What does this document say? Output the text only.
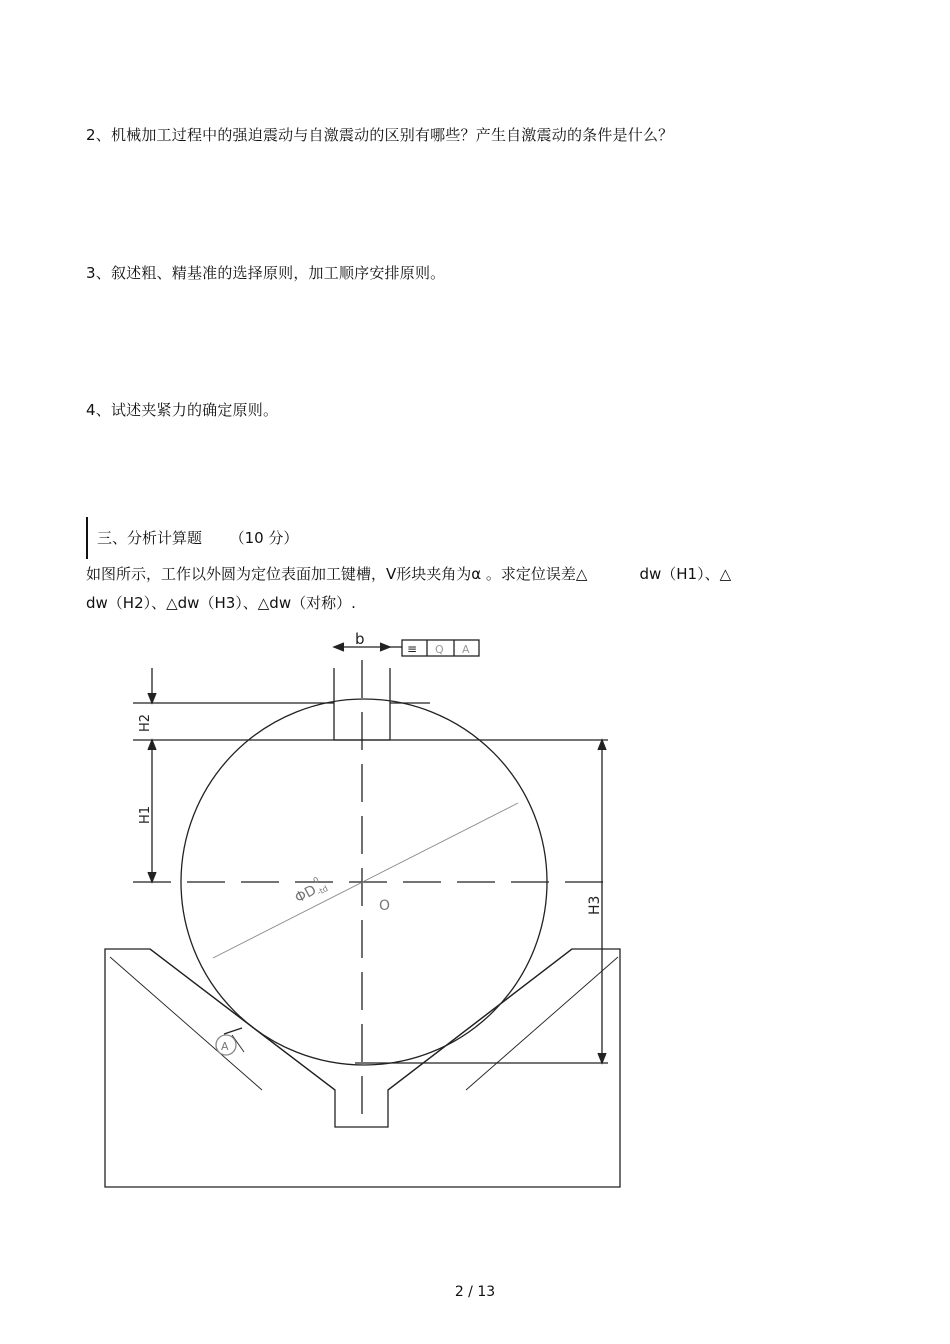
2、机械加工过程中的强迫震动与自激震动的区别有哪些？产生自激震动的条件是什么？
3、叙述粗、精基准的选择原则，加工顺序安排原则。
4、试述夹紧力的确定原则。
三、分析计算题 （10 分）
如图所示，工作以外圆为定位表面加工键槽，V形块夹角为α 。求定位误差△	dw（H1）、△
dw（H2）、△dw（H3）、△dw（对称）.
b
H2
H1
H3
ΦD
0
-td
O
A
≡ Q A
2 / 13
